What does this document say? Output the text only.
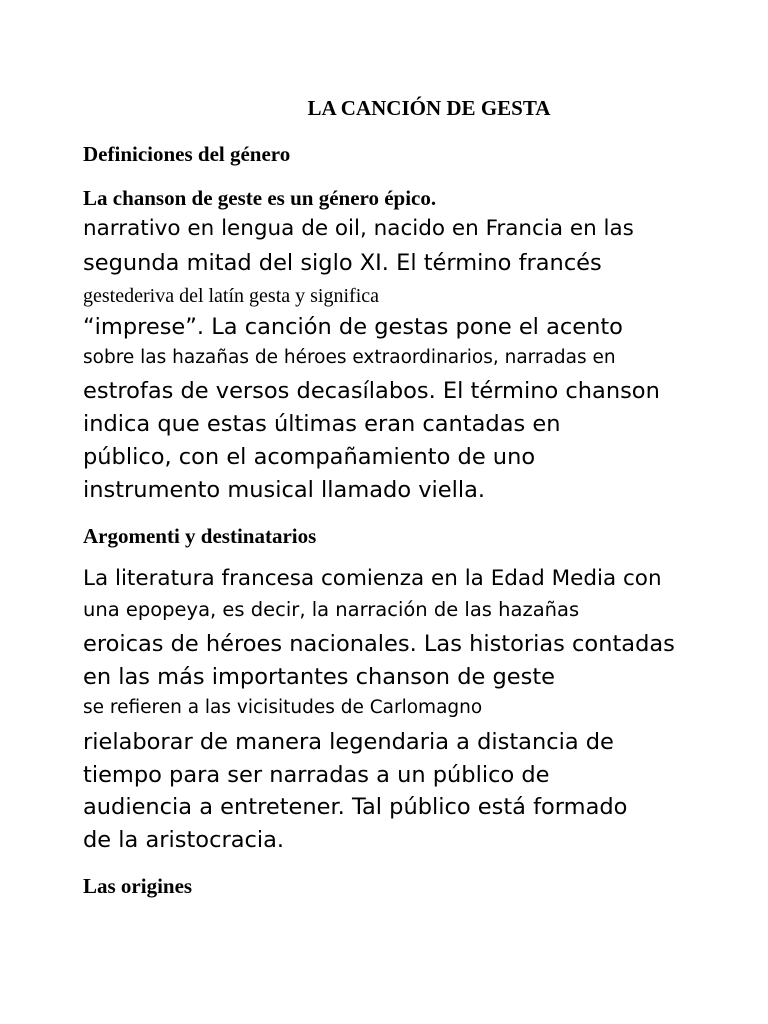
LA CANCIÓN DE GESTA
Definiciones del género
La chanson de geste es un género épico.
narrativo en lengua de oil, nacido en Francia en las
segunda mitad del siglo XI. El término francés
gestederiva del latín gesta y significa
“imprese”. La canción de gestas pone el acento
sobre las hazañas de héroes extraordinarios, narradas en
estrofas de versos decasílabos. El término chanson
indica que estas últimas eran cantadas en
público, con el acompañamiento de uno
instrumento musical llamado viella.
Argomenti y destinatarios
La literatura francesa comienza en la Edad Media con
una epopeya, es decir, la narración de las hazañas
eroicas de héroes nacionales. Las historias contadas
en las más importantes chanson de geste
se refieren a las vicisitudes de Carlomagno
rielaborar de manera legendaria a distancia de
tiempo para ser narradas a un público de
audiencia a entretener. Tal público está formado
de la aristocracia.
Las origines
